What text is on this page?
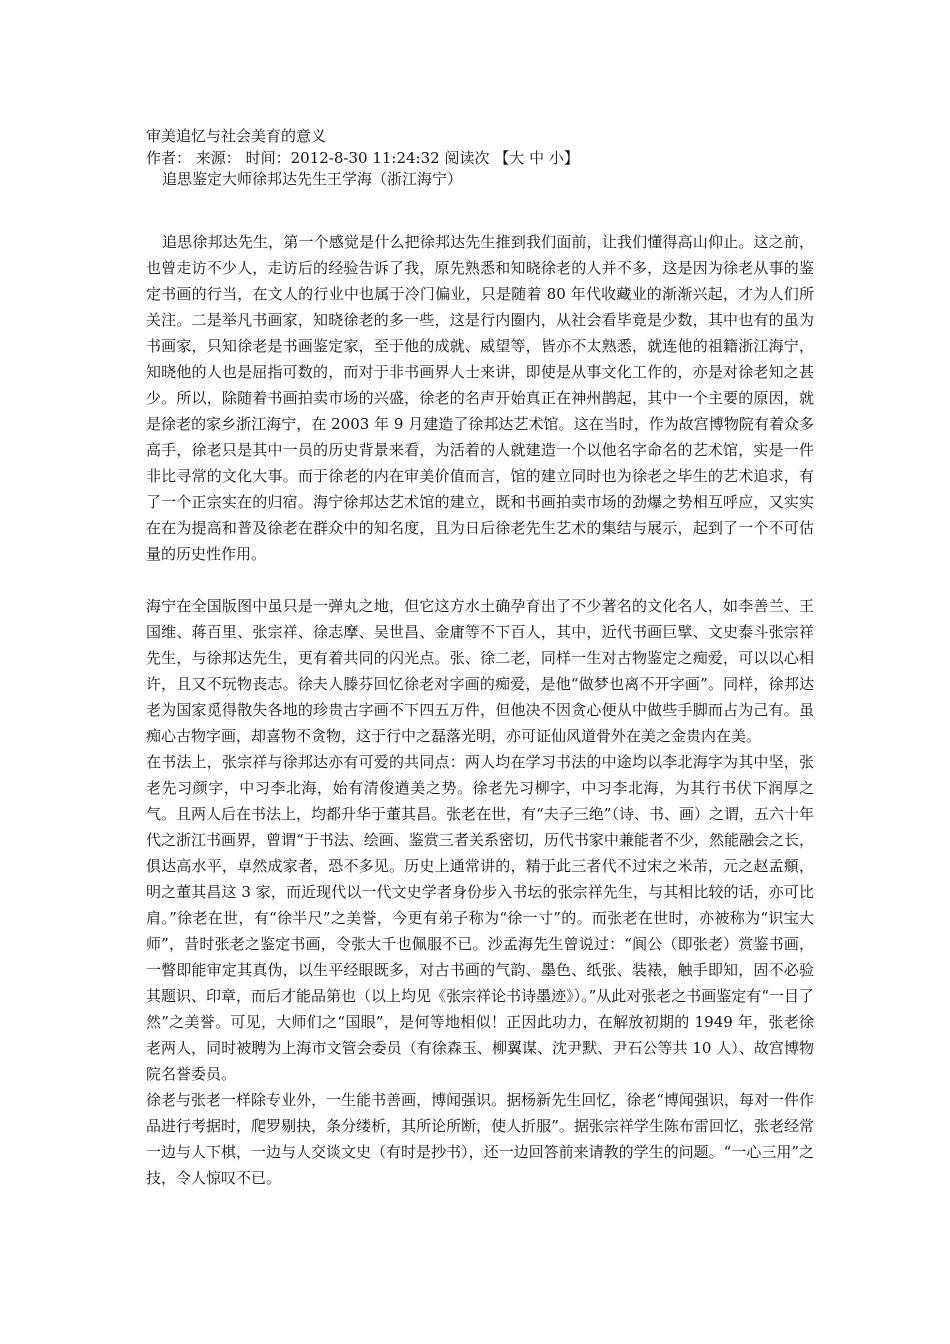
审美追忆与社会美育的意义
作者： 来源： 时间：2012-8-30 11:24:32 阅读次 【大 中 小】
追思鉴定大师徐邦达先生王学海（浙江海宁）

追思徐邦达先生，第一个感觉是什么把徐邦达先生推到我们面前，让我们懂得高山仰止。这之前，也曾走访不少人，走访后的经验告诉了我，原先熟悉和知晓徐老的人并不多，这是因为徐老从事的鉴定书画的行当，在文人的行业中也属于冷门偏业，只是随着 80 年代收藏业的渐渐兴起，才为人们所关注。二是举凡书画家，知晓徐老的多一些，这是行内圈内，从社会看毕竟是少数，其中也有的虽为书画家，只知徐老是书画鉴定家，至于他的成就、威望等，皆亦不太熟悉，就连他的祖籍浙江海宁，知晓他的人也是屈指可数的，而对于非书画界人士来讲，即使是从事文化工作的，亦是对徐老知之甚少。所以，除随着书画拍卖市场的兴盛，徐老的名声开始真正在神州鹊起，其中一个主要的原因，就是徐老的家乡浙江海宁，在 2003 年 9 月建造了徐邦达艺术馆。这在当时，作为故宫博物院有着众多高手，徐老只是其中一员的历史背景来看，为活着的人就建造一个以他名字命名的艺术馆，实是一件非比寻常的文化大事。而于徐老的内在审美价值而言，馆的建立同时也为徐老之毕生的艺术追求，有了一个正宗实在的归宿。海宁徐邦达艺术馆的建立，既和书画拍卖市场的劲爆之势相互呼应，又实实在在为提高和普及徐老在群众中的知名度，且为日后徐老先生艺术的集结与展示，起到了一个不可估量的历史性作用。

海宁在全国版图中虽只是一弹丸之地，但它这方水土确孕育出了不少著名的文化名人，如李善兰、王国维、蒋百里、张宗祥、徐志摩、吴世昌、金庸等不下百人，其中，近代书画巨擘、文史泰斗张宗祥先生，与徐邦达先生，更有着共同的闪光点。张、徐二老，同样一生对古物鉴定之痴爱，可以以心相许，且又不玩物丧志。徐夫人滕芬回忆徐老对字画的痴爱，是他“做梦也离不开字画”。同样，徐邦达老为国家觅得散失各地的珍贵古字画不下四五万件，但他决不因贪心便从中做些手脚而占为己有。虽痴心古物字画，却喜物不贪物，这于行中之磊落光明，亦可证仙风道骨外在美之金贵内在美。

在书法上，张宗祥与徐邦达亦有可爱的共同点：两人均在学习书法的中途均以李北海字为其中坚，张老先习颜字，中习李北海，始有清俊遒美之势。徐老先习柳字，中习李北海，为其行书伏下润厚之气。且两人后在书法上，均都升华于董其昌。张老在世，有“夫子三绝”（诗、书、画）之谓，五六十年代之浙江书画界，曾谓“于书法、绘画、鉴赏三者关系密切，历代书家中兼能者不少，然能融会之长，俱达高水平，卓然成家者，恐不多见。历史上通常讲的，精于此三者代不过宋之米芾，元之赵孟頫，明之董其昌这 3 家，而近现代以一代文史学者身份步入书坛的张宗祥先生，与其相比较的话，亦可比肩。”徐老在世，有“徐半尺”之美誉，今更有弟子称为“徐一寸”的。而张老在世时，亦被称为“识宝大师”，昔时张老之鉴定书画，令张大千也佩服不已。沙孟海先生曾说过：“阆公（即张老）赏鉴书画，一瞥即能审定其真伪，以生平经眼既多，对古书画的气韵、墨色、纸张、装裱，触手即知，固不必验其题识、印章，而后才能品第也（以上均见《张宗祥论书诗墨迹》）。”从此对张老之书画鉴定有“一目了然”之美誉。可见，大师们之“国眼”，是何等地相似！正因此功力，在解放初期的 1949 年，张老徐老两人，同时被聘为上海市文管会委员（有徐森玉、柳翼谋、沈尹默、尹石公等共 10 人）、故宫博物院名誉委员。

徐老与张老一样除专业外，一生能书善画，博闻强识。据杨新先生回忆，徐老“博闻强识，每对一件作品进行考据时，爬罗剔抉，条分缕析，其所论所断，使人折服”。据张宗祥学生陈布雷回忆，张老经常一边与人下棋，一边与人交谈文史（有时是抄书），还一边回答前来请教的学生的问题。“一心三用”之技，令人惊叹不已。
